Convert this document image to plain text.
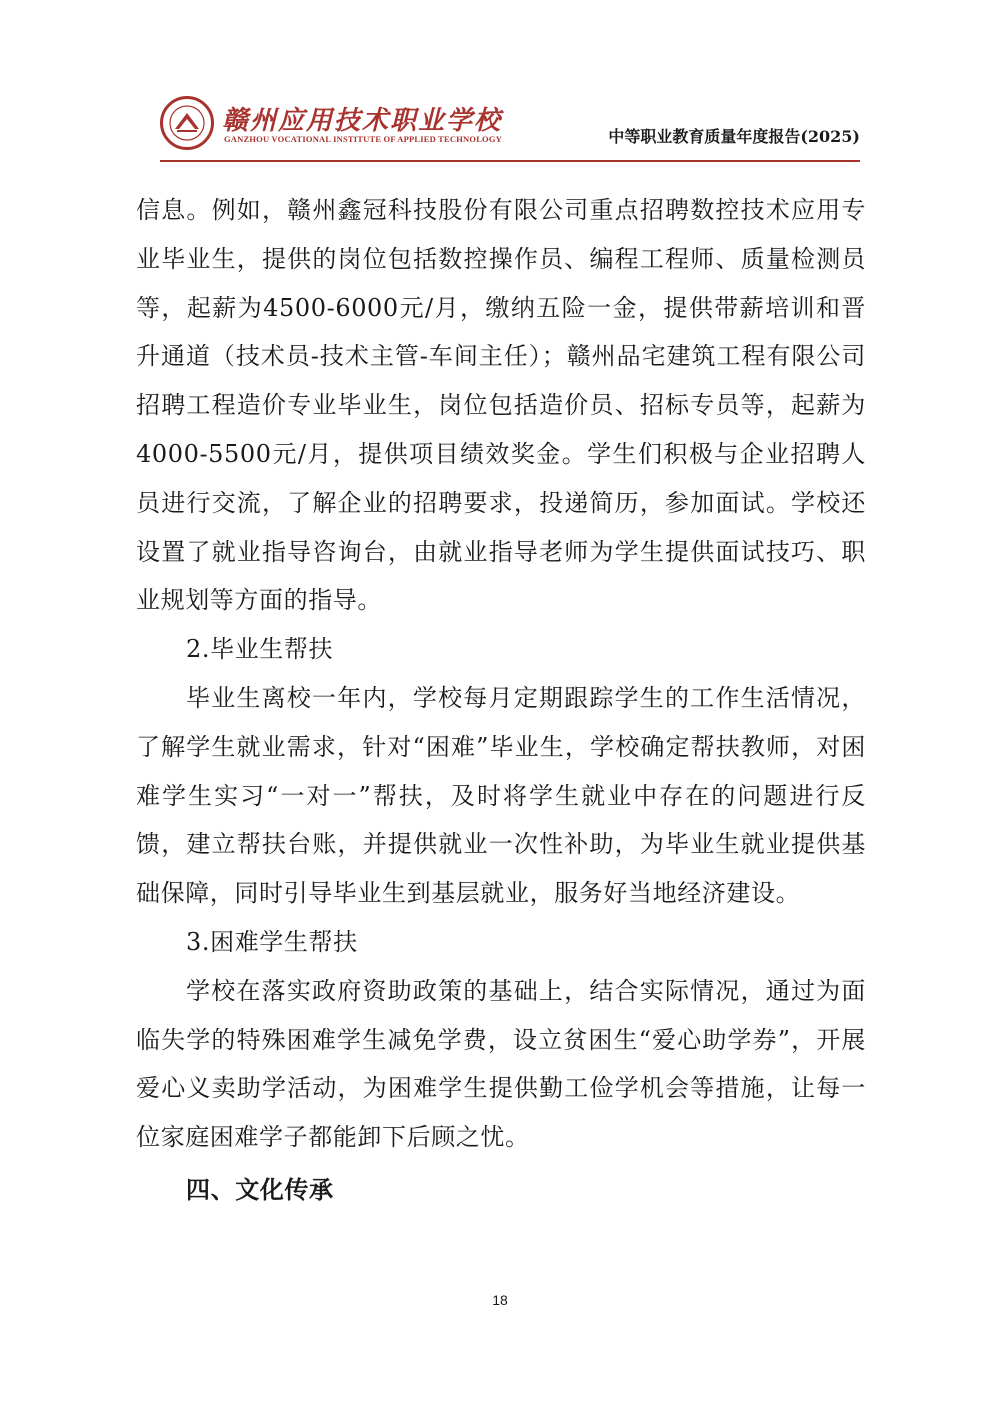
赣州应用技术职业学校
GANZHOU VOCATIONAL INSTITUTE OF APPLIED TECHNOLOGY	中等职业教育质量年度报告(2025)

信息。例如，赣州鑫冠科技股份有限公司重点招聘数控技术应用专业毕业生，提供的岗位包括数控操作员、编程工程师、质量检测员等，起薪为4500-6000元/月，缴纳五险一金，提供带薪培训和晋升通道（技术员-技术主管-车间主任）；赣州品宅建筑工程有限公司招聘工程造价专业毕业生，岗位包括造价员、招标专员等，起薪为4000-5500元/月，提供项目绩效奖金。学生们积极与企业招聘人员进行交流，了解企业的招聘要求，投递简历，参加面试。学校还设置了就业指导咨询台，由就业指导老师为学生提供面试技巧、职业规划等方面的指导。

2.毕业生帮扶

毕业生离校一年内，学校每月定期跟踪学生的工作生活情况，了解学生就业需求，针对“困难”毕业生，学校确定帮扶教师，对困难学生实习“一对一”帮扶，及时将学生就业中存在的问题进行反馈，建立帮扶台账，并提供就业一次性补助，为毕业生就业提供基础保障，同时引导毕业生到基层就业，服务好当地经济建设。

3.困难学生帮扶

学校在落实政府资助政策的基础上，结合实际情况，通过为面临失学的特殊困难学生减免学费，设立贫困生“爱心助学券”，开展爱心义卖助学活动，为困难学生提供勤工俭学机会等措施，让每一位家庭困难学子都能卸下后顾之忧。

四、文化传承

18
